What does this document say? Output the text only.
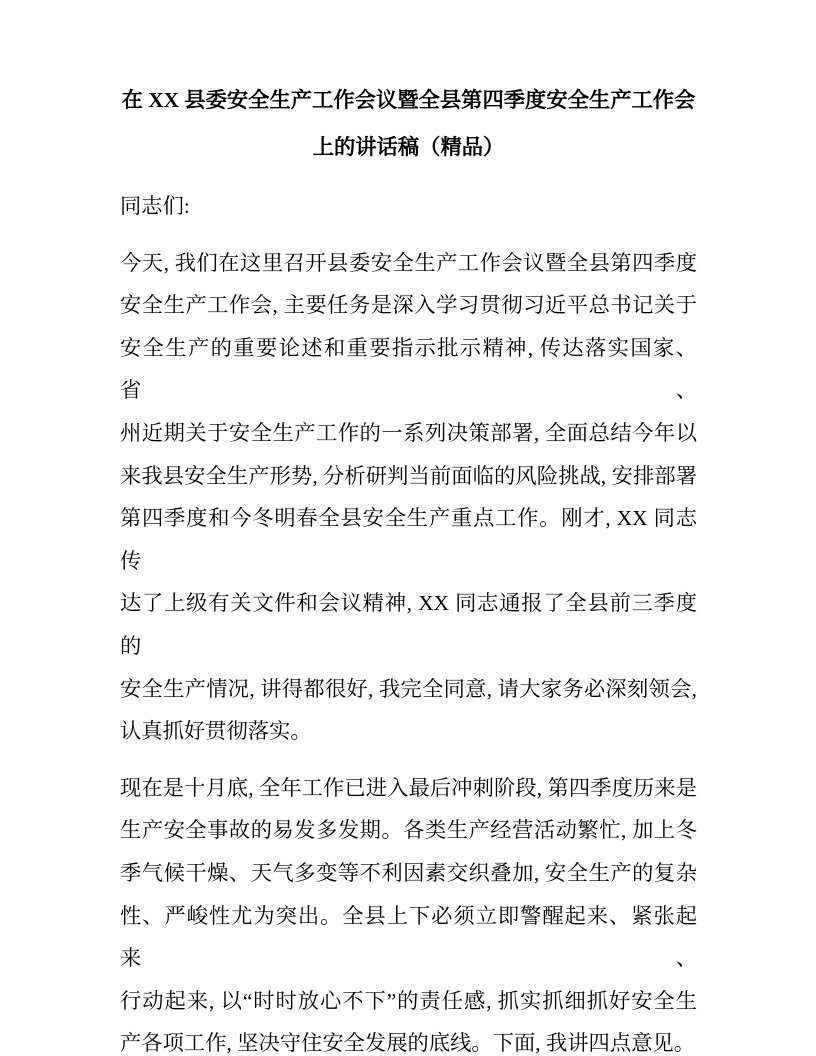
在 XX 县委安全生产工作会议暨全县第四季度安全生产工作会
上的讲话稿（精品）

同志们:

今天, 我们在这里召开县委安全生产工作会议暨全县第四季度
安全生产工作会, 主要任务是深入学习贯彻习近平总书记关于
安全生产的重要论述和重要指示批示精神, 传达落实国家、省、
州近期关于安全生产工作的一系列决策部署, 全面总结今年以
来我县安全生产形势, 分析研判当前面临的风险挑战, 安排部署
第四季度和今冬明春全县安全生产重点工作。刚才, XX 同志传
达了上级有关文件和会议精神, XX 同志通报了全县前三季度的
安全生产情况, 讲得都很好, 我完全同意, 请大家务必深刻领会,
认真抓好贯彻落实。

现在是十月底, 全年工作已进入最后冲刺阶段, 第四季度历来是
生产安全事故的易发多发期。各类生产经营活动繁忙, 加上冬
季气候干燥、天气多变等不利因素交织叠加, 安全生产的复杂
性、严峻性尤为突出。全县上下必须立即警醒起来、紧张起来、
行动起来, 以“时时放心不下”的责任感, 抓实抓细抓好安全生
产各项工作, 坚决守住安全发展的底线。下面, 我讲四点意见。
